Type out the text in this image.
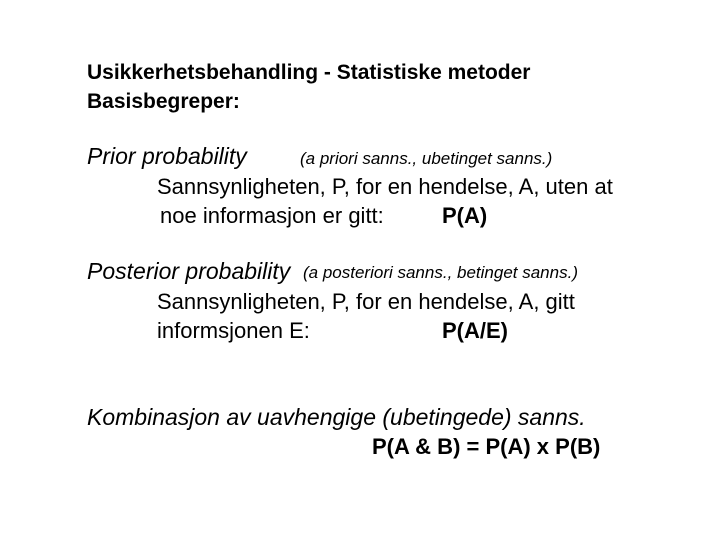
Usikkerhetsbehandling - Statistiske metoder
Basisbegreper:
Prior probability	(a priori sanns., ubetinget sanns.)
Sannsynligheten, P, for en hendelse, A, uten at
noe informasjon er gitt:	P(A)
Posterior probability (a posteriori sanns., betinget sanns.)
Sannsynligheten, P, for en hendelse, A, gitt
informsjonen E:	P(A/E)
Kombinasjon av uavhengige (ubetingede) sanns.
P(A & B) = P(A) x P(B)
